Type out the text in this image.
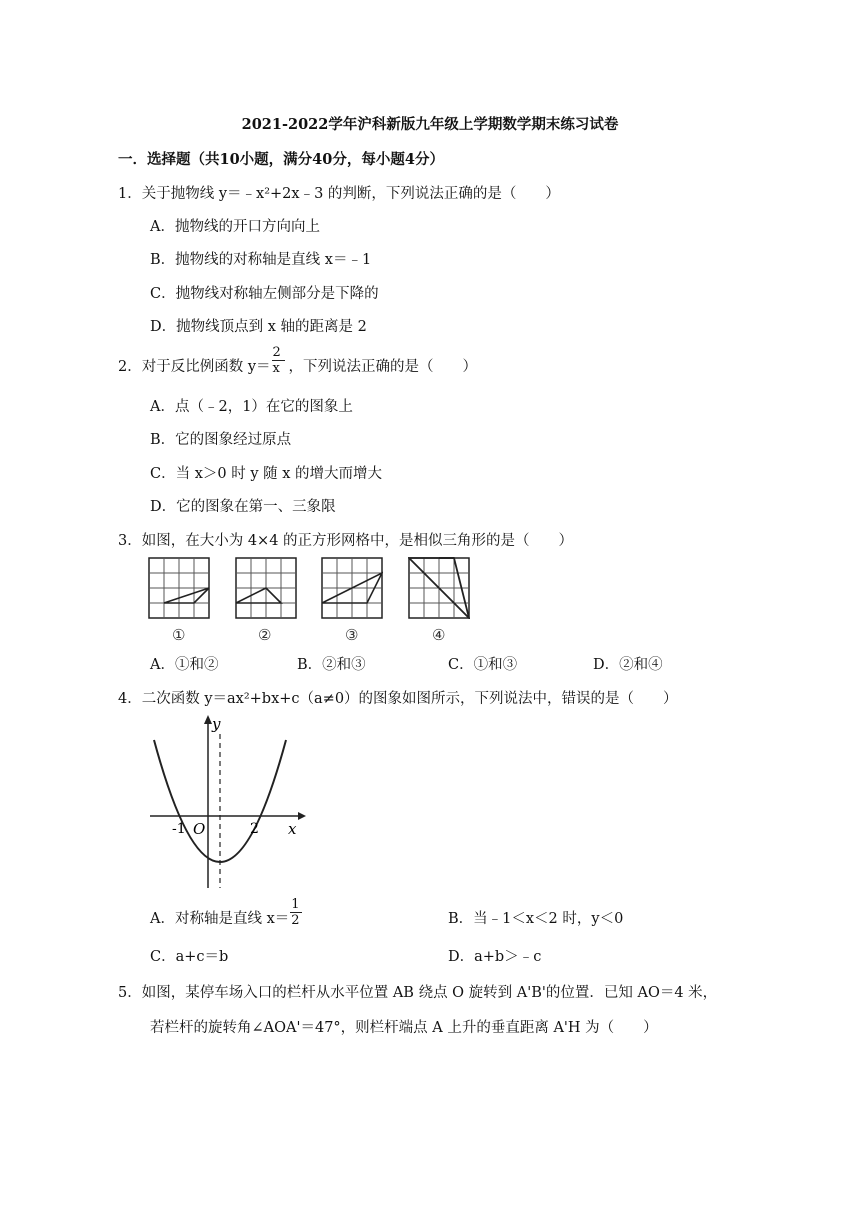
2021-2022学年沪科新版九年级上学期数学期末练习试卷
一．选择题（共10小题，满分40分，每小题4分）
1．关于抛物线 y＝﹣x²+2x﹣3 的判断，下列说法正确的是（　　）
A．抛物线的开口方向向上
B．抛物线的对称轴是直线 x＝﹣1
C．抛物线对称轴左侧部分是下降的
D．抛物线顶点到 x 轴的距离是 2
2．对于反比例函数 $y= \frac{2}{x}$ ，下列说法正确的是（　　）
A．点（﹣2，1）在它的图象上
B．它的图象经过原点
C．当 x＞0 时 y 随 x 的增大而增大
D．它的图象在第一、三象限
3．如图，在大小为 4×4 的正方形网格中，是相似三角形的是（　　）
①	②	③	④
A．①和②	B．②和③	C．①和③	D．②和④
4．二次函数 y＝ax²+bx+c（a≠0）的图象如图所示，下列说法中，错误的是（　　）
y
x
-1 O	2
A．对称轴是直线 $x= \frac{1}{2}$	B．当﹣1＜x＜2 时，y＜0
C．a+c＝b	D．a+b＞﹣c
5．如图，某停车场入口的栏杆从水平位置 AB 绕点 O 旋转到 A'B'的位置．已知 AO＝4 米，
若栏杆的旋转角∠AOA'＝47°，则栏杆端点 A 上升的垂直距离 A'H 为（　　）
